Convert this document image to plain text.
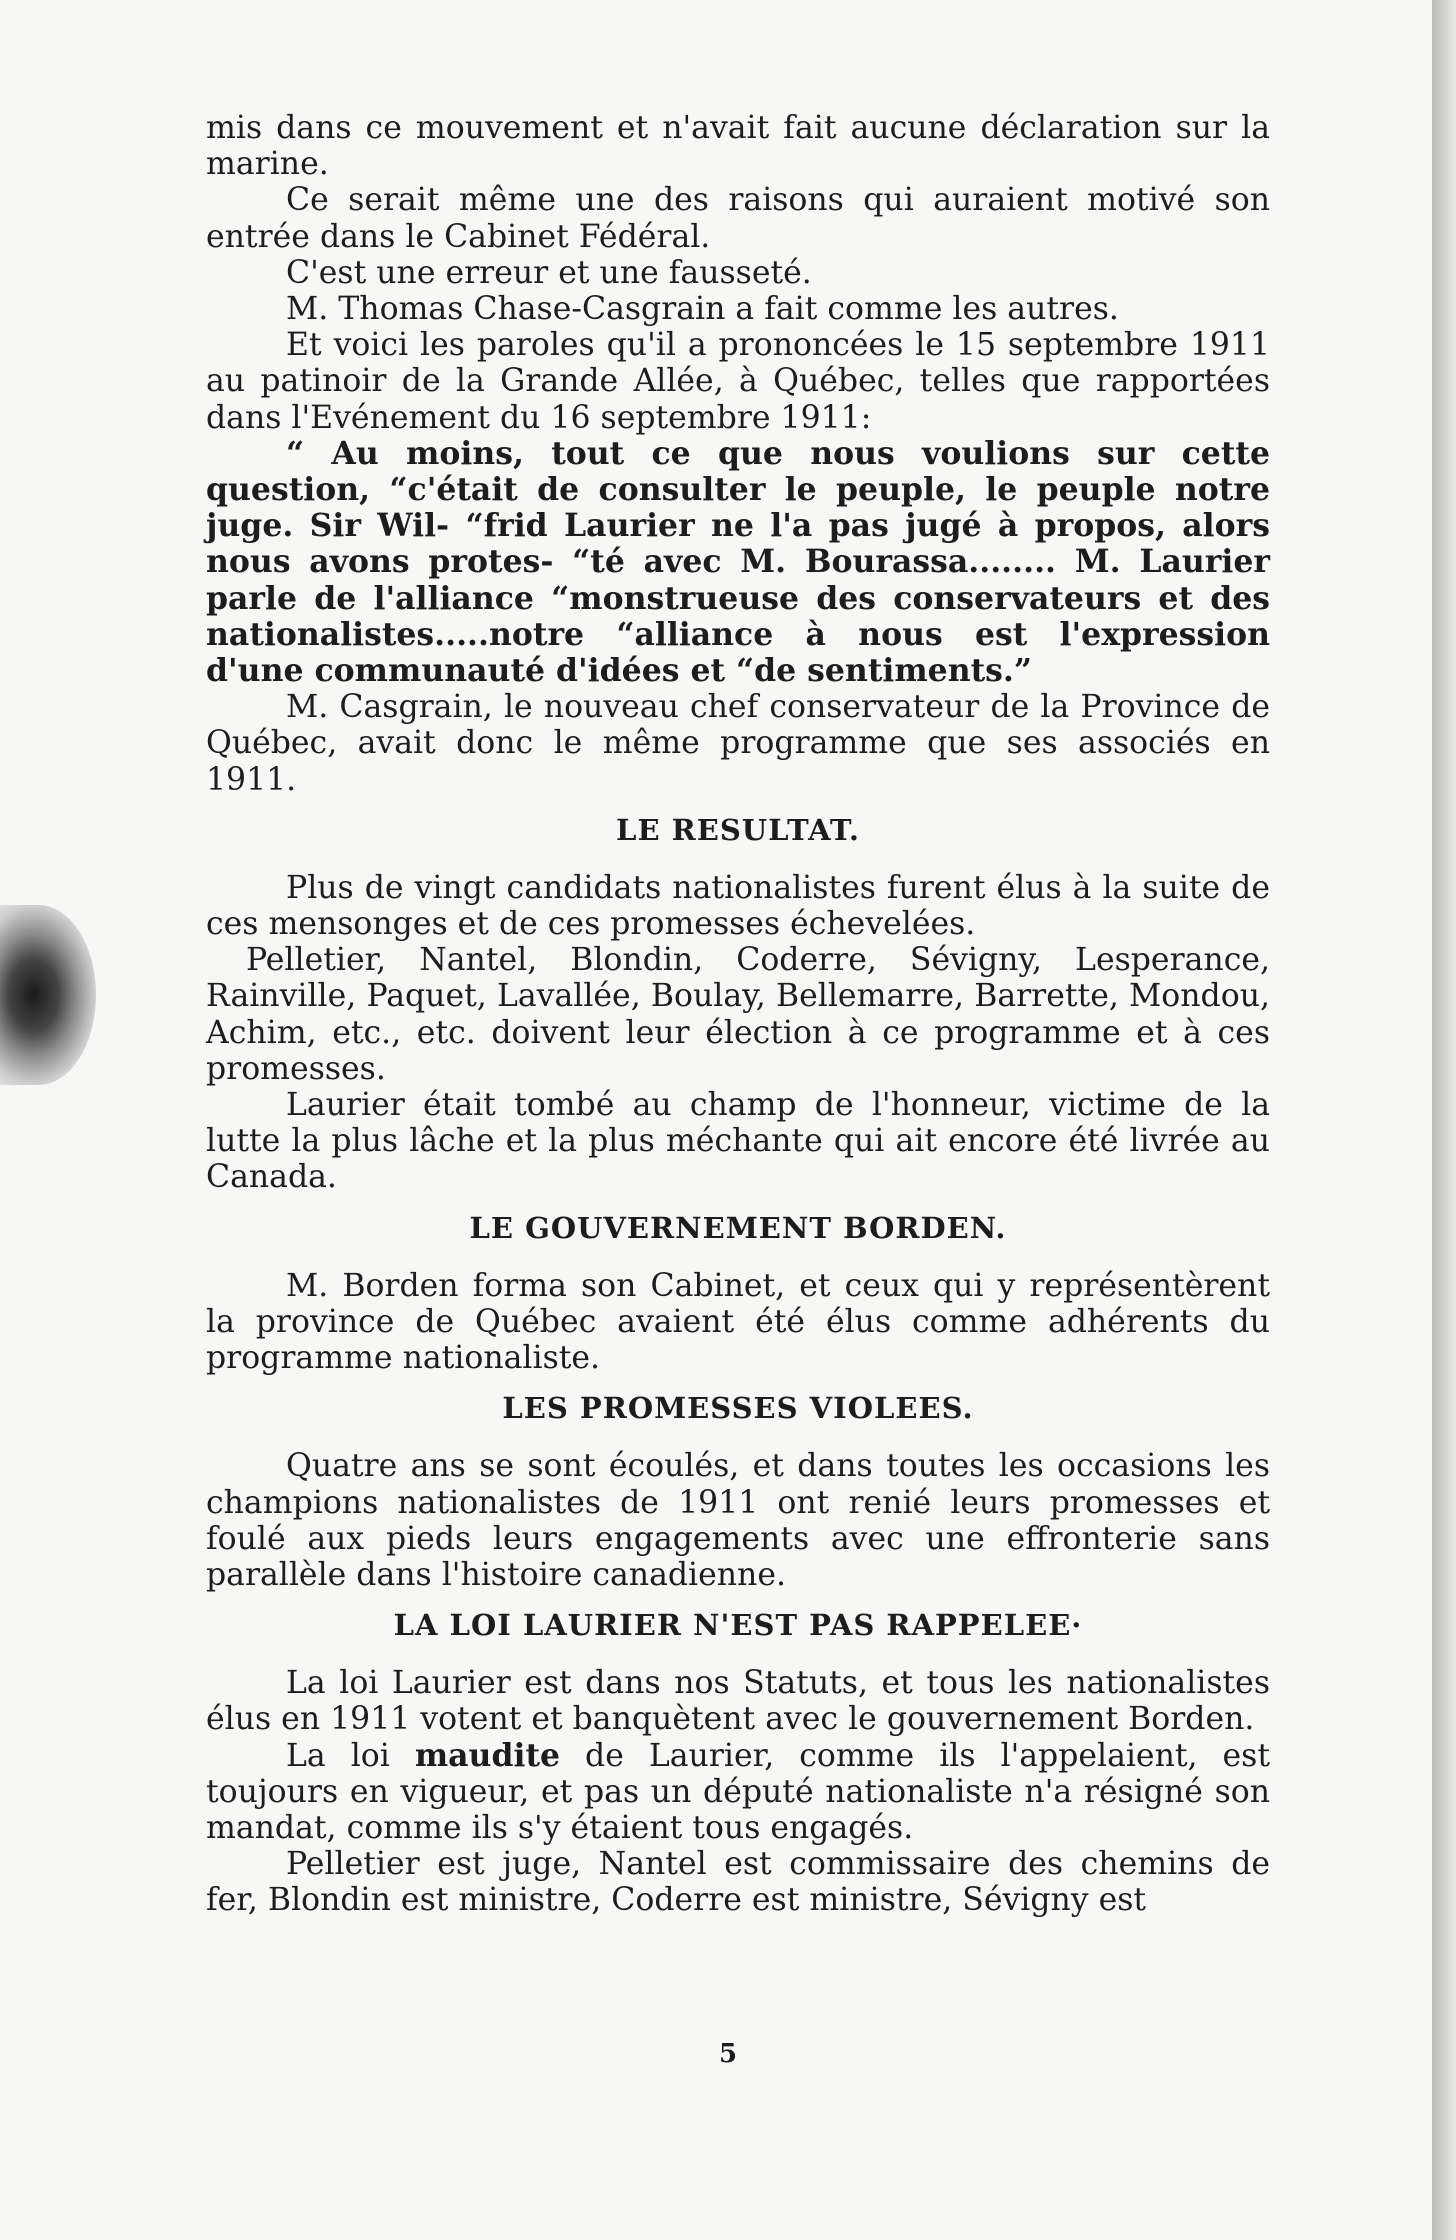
mis dans ce mouvement et n'avait fait aucune déclaration sur la marine.

Ce serait même une des raisons qui auraient motivé son entrée dans le Cabinet Fédéral.

C'est une erreur et une fausseté.

M. Thomas Chase-Casgrain a fait comme les autres.

Et voici les paroles qu'il a prononcées le 15 septembre 1911 au patinoir de la Grande Allée, à Québec, telles que rapportées dans l'Evénement du 16 septembre 1911:

“ Au moins, tout ce que nous voulions sur cette question, “c'était de consulter le peuple, le peuple notre juge. Sir Wil- “frid Laurier ne l'a pas jugé à propos, alors nous avons protes- “té avec M. Bourassa........ M. Laurier parle de l'alliance “monstrueuse des conservateurs et des nationalistes.....notre “alliance à nous est l'expression d'une communauté d'idées et “de sentiments.”

M. Casgrain, le nouveau chef conservateur de la Province de Québec, avait donc le même programme que ses associés en 1911.

LE RESULTAT.

Plus de vingt candidats nationalistes furent élus à la suite de ces mensonges et de ces promesses échevelées.

Pelletier, Nantel, Blondin, Coderre, Sévigny, Lesperance, Rainville, Paquet, Lavallée, Boulay, Bellemarre, Barrette, Mondou, Achim, etc., etc. doivent leur élection à ce programme et à ces promesses.

Laurier était tombé au champ de l'honneur, victime de la lutte la plus lâche et la plus méchante qui ait encore été livrée au Canada.

LE GOUVERNEMENT BORDEN.

M. Borden forma son Cabinet, et ceux qui y représentèrent la province de Québec avaient été élus comme adhérents du programme nationaliste.

LES PROMESSES VIOLEES.

Quatre ans se sont écoulés, et dans toutes les occasions les champions nationalistes de 1911 ont renié leurs promesses et foulé aux pieds leurs engagements avec une effronterie sans parallèle dans l'histoire canadienne.

LA LOI LAURIER N'EST PAS RAPPELEE·

La loi Laurier est dans nos Statuts, et tous les nationalistes élus en 1911 votent et banquètent avec le gouvernement Borden.

La loi maudite de Laurier, comme ils l'appelaient, est toujours en vigueur, et pas un député nationaliste n'a résigné son mandat, comme ils s'y étaient tous engagés.

Pelletier est juge, Nantel est commissaire des chemins de fer, Blondin est ministre, Coderre est ministre, Sévigny est

5
